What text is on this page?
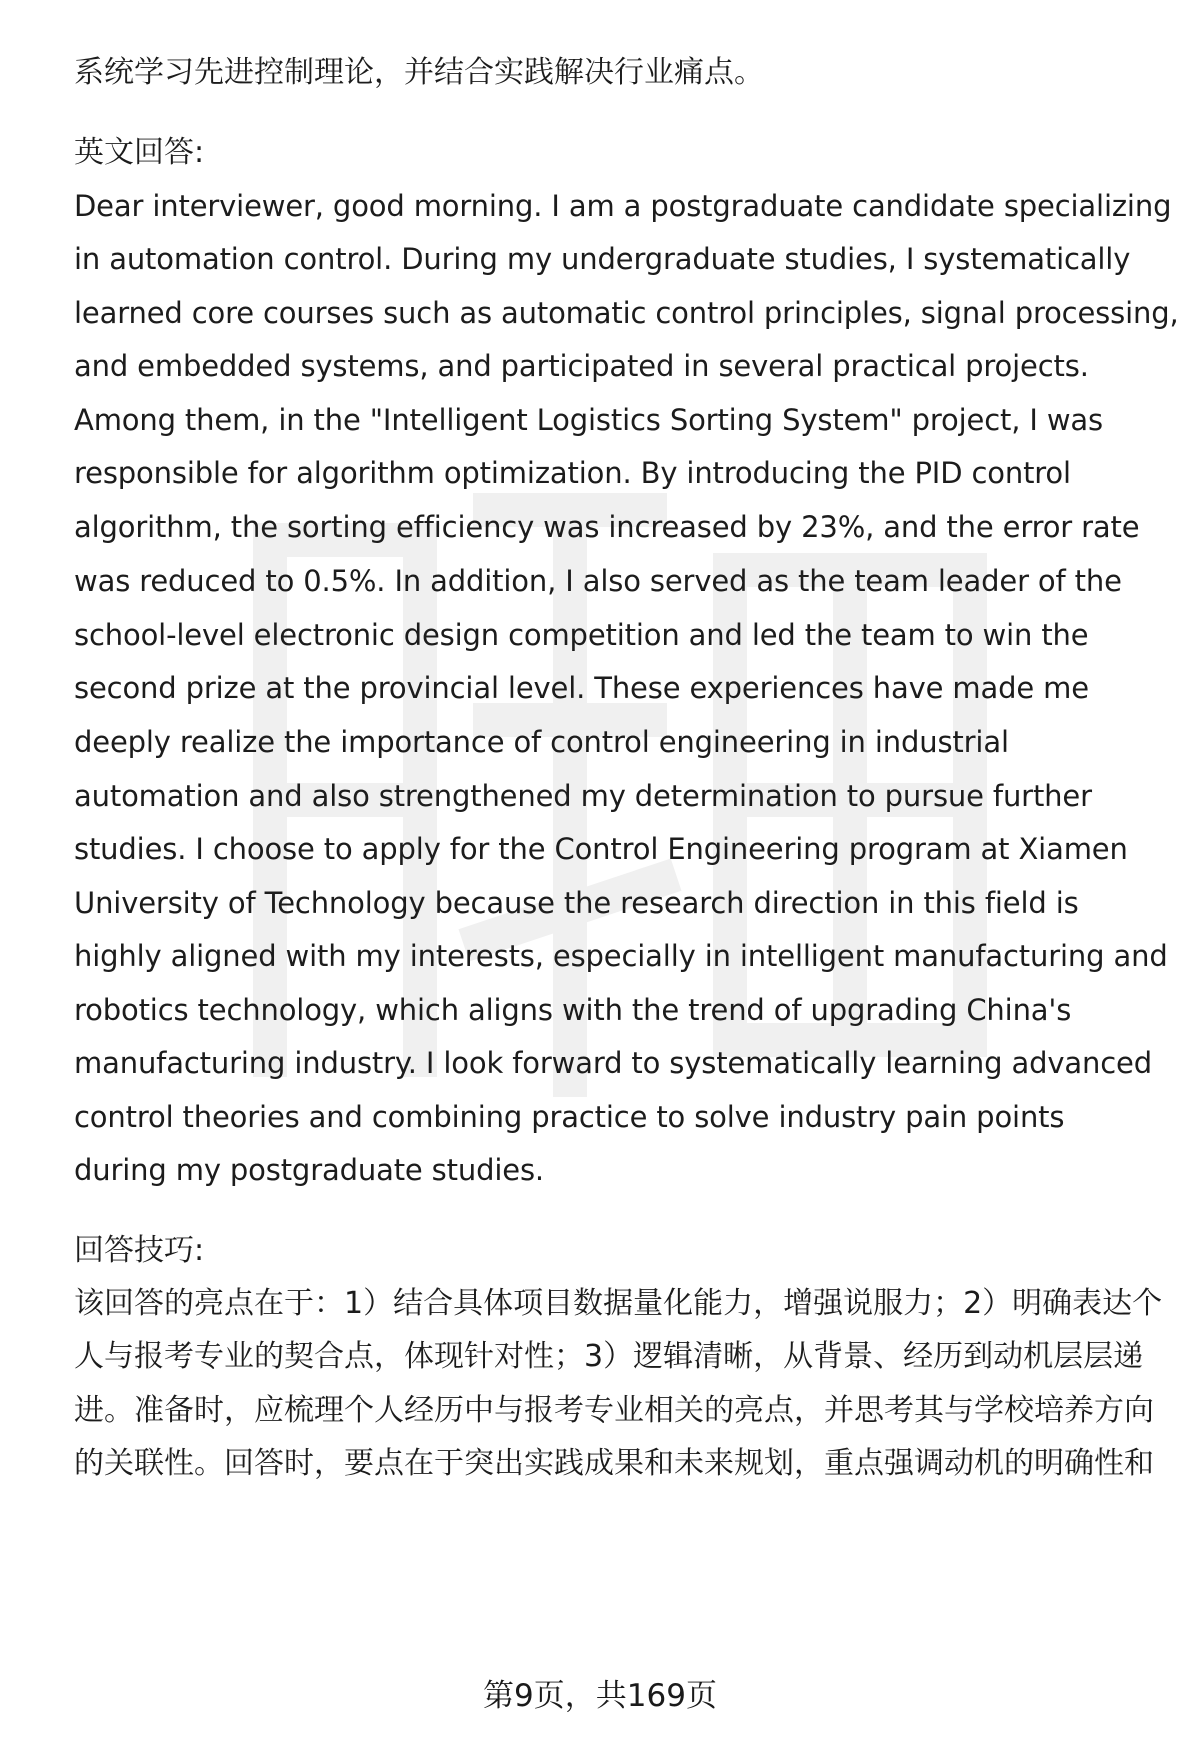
系统学习先进控制理论，并结合实践解决行业痛点。
英文回答:
Dear interviewer, good morning. I am a postgraduate candidate specializing
in automation control. During my undergraduate studies, I systematically
learned core courses such as automatic control principles, signal processing,
and embedded systems, and participated in several practical projects.
Among them, in the "Intelligent Logistics Sorting System" project, I was
responsible for algorithm optimization. By introducing the PID control
algorithm, the sorting efficiency was increased by 23%, and the error rate
was reduced to 0.5%. In addition, I also served as the team leader of the
school-level electronic design competition and led the team to win the
second prize at the provincial level. These experiences have made me
deeply realize the importance of control engineering in industrial
automation and also strengthened my determination to pursue further
studies. I choose to apply for the Control Engineering program at Xiamen
University of Technology because the research direction in this field is
highly aligned with my interests, especially in intelligent manufacturing and
robotics technology, which aligns with the trend of upgrading China's
manufacturing industry. I look forward to systematically learning advanced
control theories and combining practice to solve industry pain points
during my postgraduate studies.
回答技巧:
该回答的亮点在于：1）结合具体项目数据量化能力，增强说服力；2）明确表达个
人与报考专业的契合点，体现针对性；3）逻辑清晰，从背景、经历到动机层层递
进。准备时，应梳理个人经历中与报考专业相关的亮点，并思考其与学校培养方向
的关联性。回答时，要点在于突出实践成果和未来规划，重点强调动机的明确性和
第9页，共169页
